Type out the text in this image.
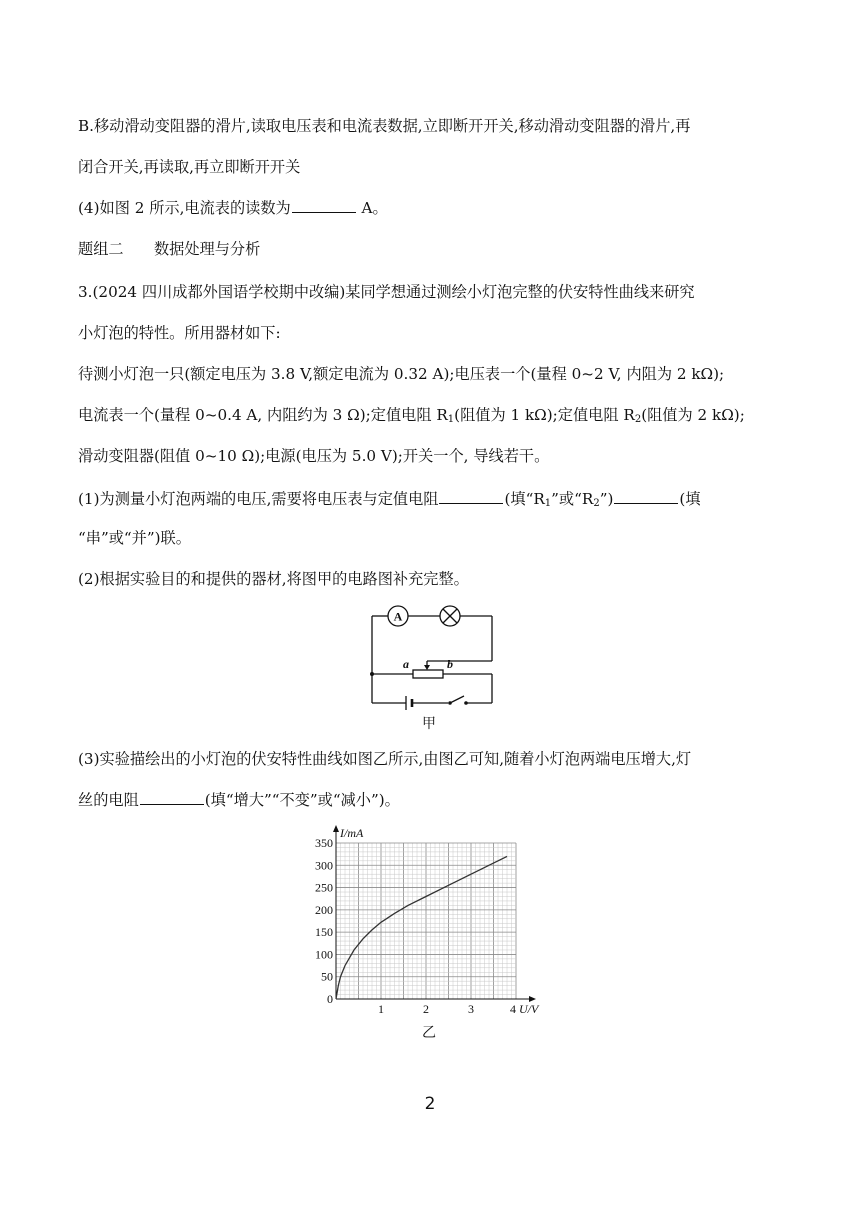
B.移动滑动变阻器的滑片,读取电压表和电流表数据,立即断开开关,移动滑动变阻器的滑片,再
闭合开关,再读取,再立即断开开关
(4)如图 2 所示,电流表的读数为	A。
题组二　　数据处理与分析
3.(2024 四川成都外国语学校期中改编)某同学想通过测绘小灯泡完整的伏安特性曲线来研究
小灯泡的特性。所用器材如下:
待测小灯泡一只(额定电压为 3.8 V,额定电流为 0.32 A);电压表一个(量程 0~2 V, 内阻为 2 kΩ);
电流表一个(量程 0~0.4 A, 内阻约为 3 Ω);定值电阻 $R_1$(阻值为 1 kΩ);定值电阻 $R_2$(阻值为 2 kΩ);
滑动变阻器(阻值 0~10 Ω);电源(电压为 5.0 V);开关一个, 导线若干。
(1)为测量小灯泡两端的电压,需要将电压表与定值电阻	(填“$R_1$”或“$R_2$”)	(填
“串”或“并”)联。
(2)根据实验目的和提供的器材,将图甲的电路图补充完整。
A
a	b
甲
(3)实验描绘出的小灯泡的伏安特性曲线如图乙所示,由图乙可知,随着小灯泡两端电压增大,灯
丝的电阻	(填“增大”“不变”或“减小”)。
0
50
100
150
200
250
300
350
1	2	3	4
I/mA
U/V
乙
2
